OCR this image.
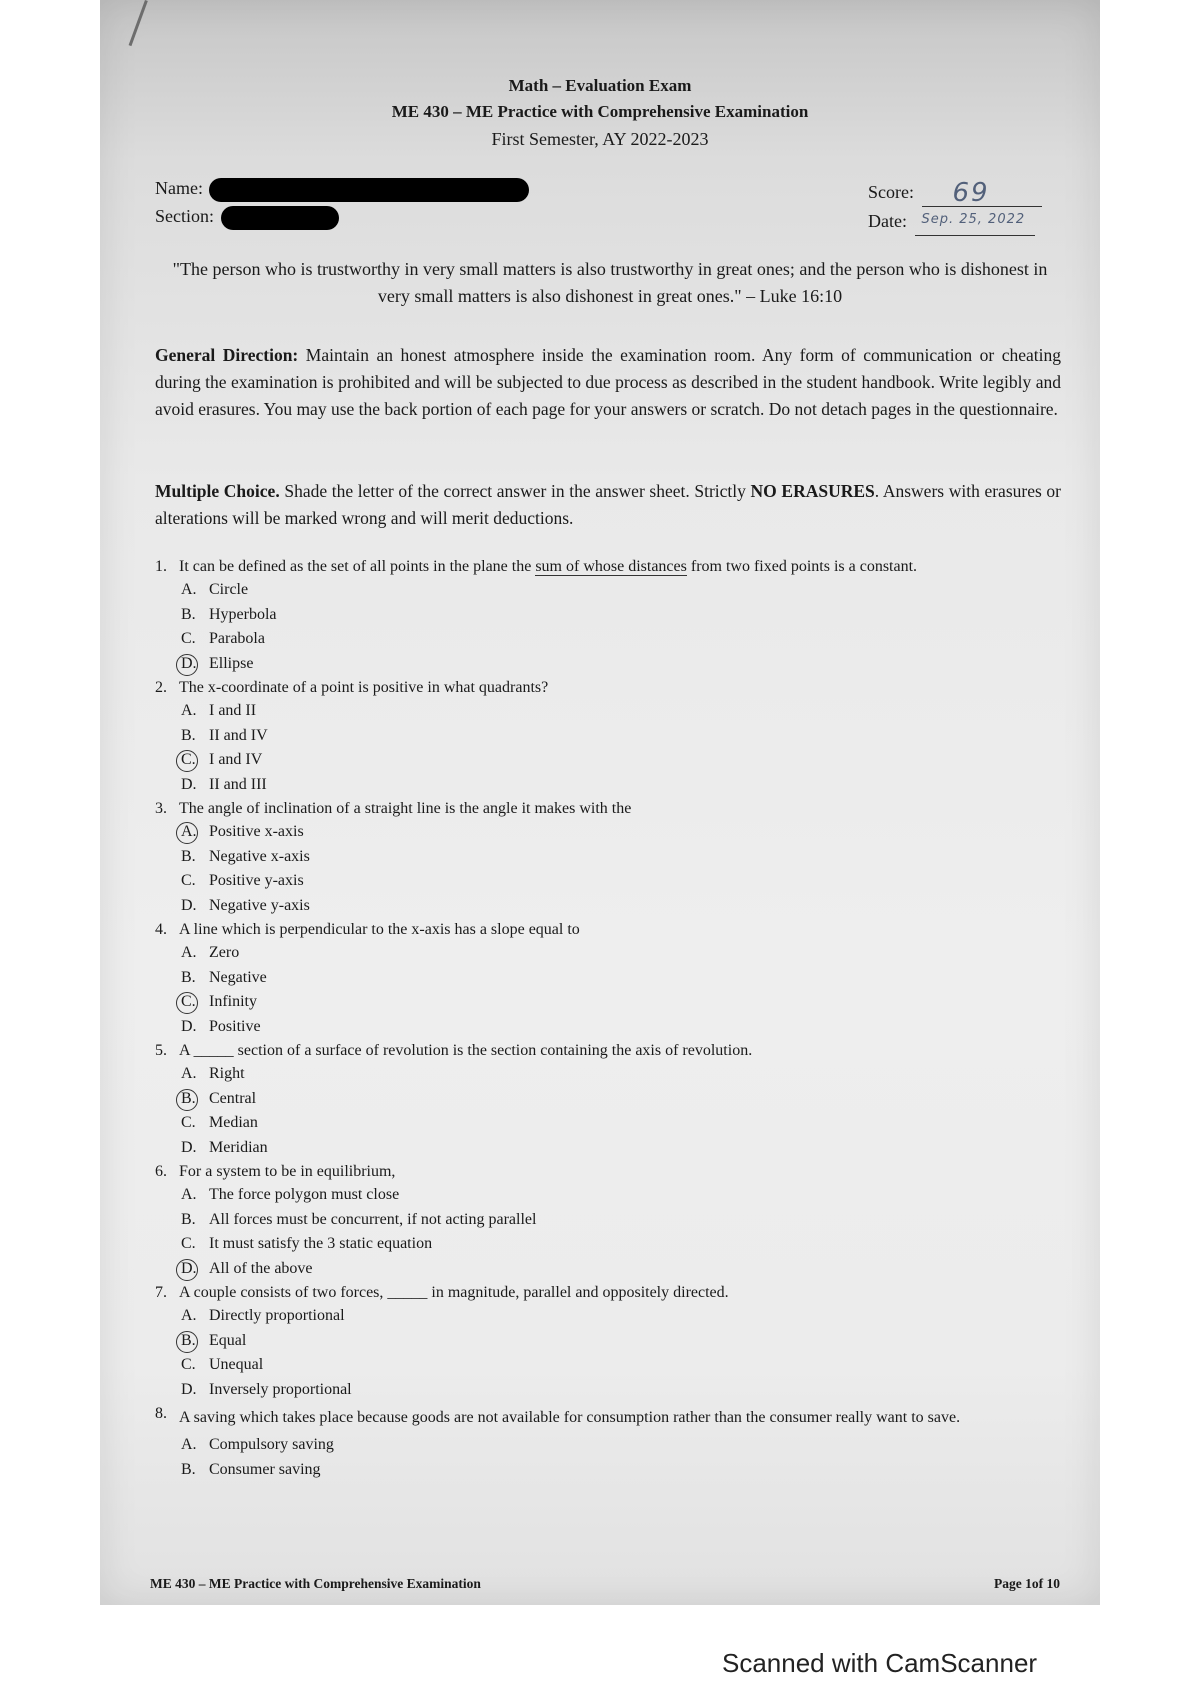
Math – Evaluation Exam
ME 430 – ME Practice with Comprehensive Examination
First Semester, AY 2022-2023
Name:
Section:
Score: 69
Date: Sep. 25, 2022
"The person who is trustworthy in very small matters is also trustworthy in great ones; and the person who is dishonest in very small matters is also dishonest in great ones." – Luke 16:10
General Direction: Maintain an honest atmosphere inside the examination room. Any form of communication or cheating during the examination is prohibited and will be subjected to due process as described in the student handbook. Write legibly and avoid erasures. You may use the back portion of each page for your answers or scratch. Do not detach pages in the questionnaire.
Multiple Choice. Shade the letter of the correct answer in the answer sheet. Strictly NO ERASURES. Answers with erasures or alterations will be marked wrong and will merit deductions.
1. It can be defined as the set of all points in the plane the sum of whose distances from two fixed points is a constant.
A. Circle
B. Hyperbola
C. Parabola
D. Ellipse
2. The x-coordinate of a point is positive in what quadrants?
A. I and II
B. II and IV
C. I and IV
D. II and III
3. The angle of inclination of a straight line is the angle it makes with the
A. Positive x-axis
B. Negative x-axis
C. Positive y-axis
D. Negative y-axis
4. A line which is perpendicular to the x-axis has a slope equal to
A. Zero
B. Negative
C. Infinity
D. Positive
5. A _____ section of a surface of revolution is the section containing the axis of revolution.
A. Right
B. Central
C. Median
D. Meridian
6. For a system to be in equilibrium,
A. The force polygon must close
B. All forces must be concurrent, if not acting parallel
C. It must satisfy the 3 static equation
D. All of the above
7. A couple consists of two forces, _____ in magnitude, parallel and oppositely directed.
A. Directly proportional
B. Equal
C. Unequal
D. Inversely proportional
8. A saving which takes place because goods are not available for consumption rather than the consumer really want to save.
A. Compulsory saving
B. Consumer saving
ME 430 – ME Practice with Comprehensive Examination	Page 1of 10
Scanned with CamScanner
